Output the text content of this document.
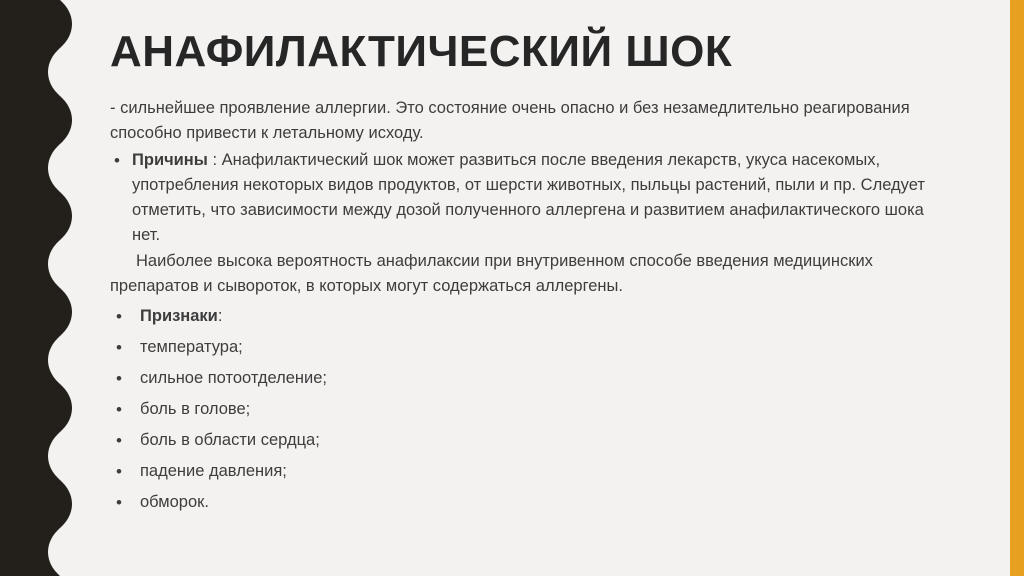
АНАФИЛАКТИЧЕСКИЙ ШОК

- сильнейшее проявление аллергии. Это состояние очень опасно и без незамедлительно реагирования способно привести к летальному исходу.

• Причины : Анафилактический шок может развиться после введения лекарств, укуса насекомых, употребления некоторых видов продуктов, от шерсти животных, пыльцы растений, пыли и пр. Следует отметить, что зависимости между дозой полученного аллергена и развитием анафилактического шока нет.

Наиболее высока вероятность анафилаксии при внутривенном способе введения медицинских препаратов и сывороток, в которых могут содержаться аллергены.

• Признаки:
• температура;
• сильное потоотделение;
• боль в голове;
• боль в области сердца;
• падение давления;
• обморок.
